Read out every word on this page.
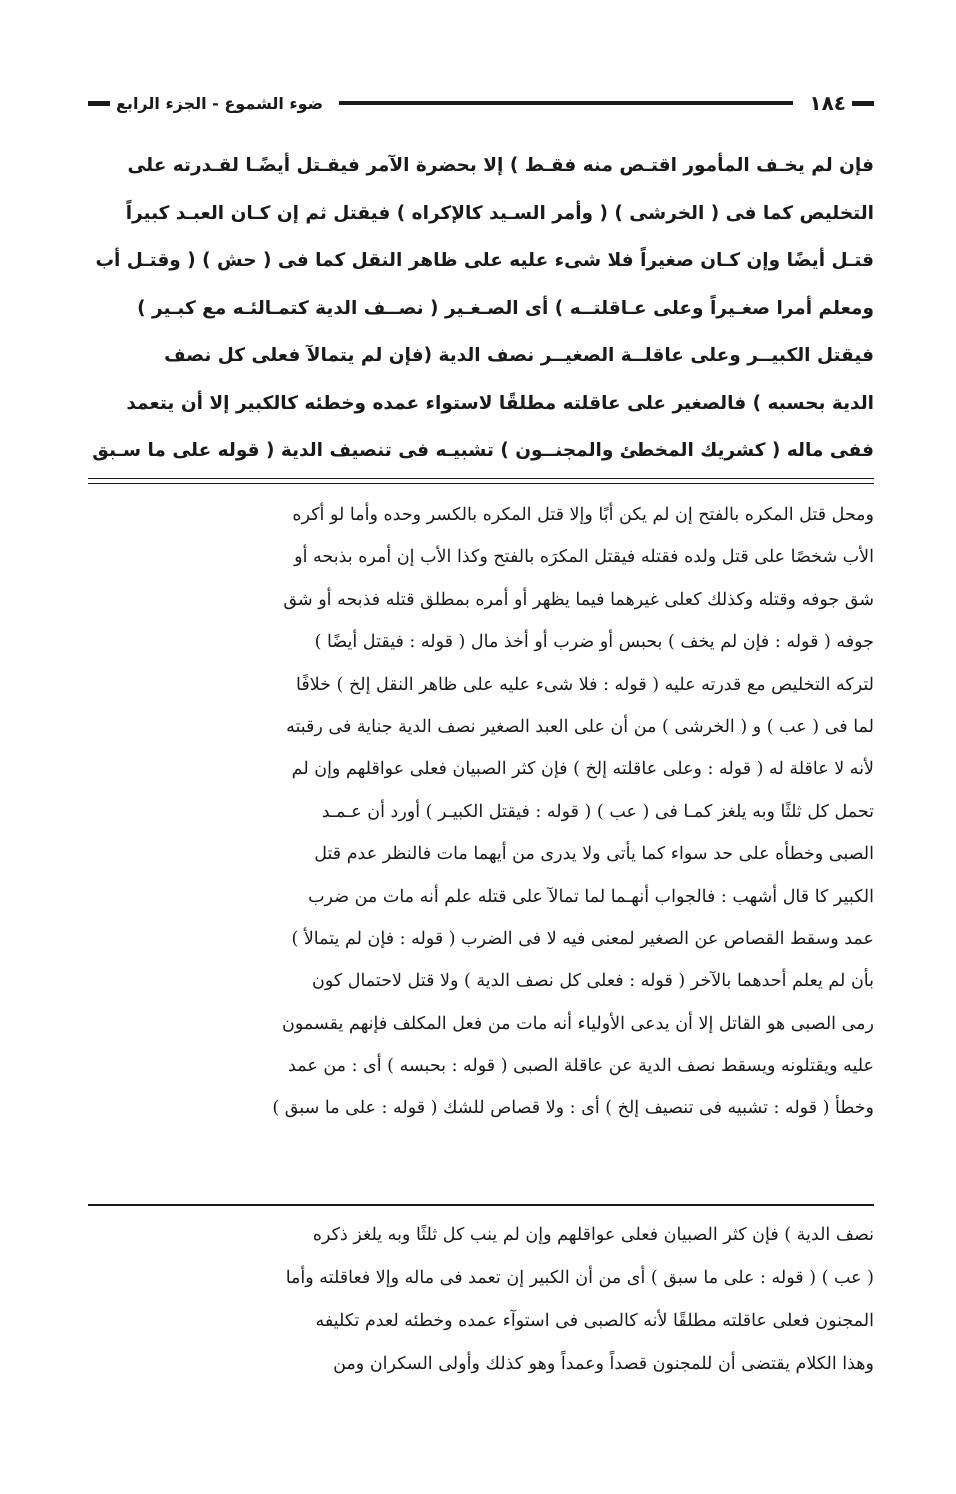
١٨٤
ضوء الشموع - الجزء الرابع
فإن لم يخـف المأمور اقتـص منه فقـط ) إلا بحضرة الآمر فيقـتل أيضًـا لقـدرته على
التخليص كما فى ( الخرشى ) ( وأمر السـيد كالإكراه ) فيقتل ثم إن كـان العبـد كبيراً
قتـل أيضًا وإن كـان صغيراً فلا شىء عليه على ظاهر النقل كما فى ( حش ) ( وقتـل أب
ومعلم أمرا صغـيراً وعلى عـاقلتــه ) أى الصـغـير ( نصــف الدية كتمـالئـه مع كبـير )
فيقتل الكبيــر وعلى عاقلــة الصغيــر نصف الدية (فإن لم يتمالآ فعلى كل نصف
الدية بحسبه ) فالصغير على عاقلته مطلقًا لاستواء عمده وخطئه كالكبير إلا أن يتعمد
ففى ماله ( كشريك المخطئ والمجنــون ) تشبيـه فى تنصيف الدية ( قوله على ما سـبق
ومحل قتل المكره بالفتح إن لم يكن أبًا وإلا قتل المكره بالكسر وحده وأما لو أكره
الأب شخصًا على قتل ولده فقتله فيقتل المكرَه بالفتح وكذا الأب إن أمره بذبحه أو
شق جوفه وقتله وكذلك كعلى غيرهما فيما يظهر أو أمره بمطلق قتله فذبحه أو شق
جوفه ( قوله : فإن لم يخف ) بحبس أو ضرب أو أخذ مال ( قوله : فيقتل أيضًا )
لتركه التخليص مع قدرته عليه ( قوله : فلا شىء عليه على ظاهر النقل إلخ ) خلافًا
لما فى ( عب ) و ( الخرشى ) من أن على العبد الصغير نصف الدية جناية فى رقبته
لأنه لا عاقلة له ( قوله : وعلى عاقلته إلخ ) فإن كثر الصبيان فعلى عواقلهم وإن لم
تحمل كل ثلثًا وبه يلغز كمـا فى ( عب ) ( قوله : فيقتل الكبيـر ) أورد أن عـمـد
الصبى وخطأه على حد سواء كما يأتى ولا يدرى من أيهما مات فالنظر عدم قتل
الكبير كا قال أشهب : فالجواب أنهـما لما تمالآ على قتله علم أنه مات من ضرب
عمد وسقط القصاص عن الصغير لمعنى فيه لا فى الضرب ( قوله : فإن لم يتمالأ )
بأن لم يعلم أحدهما بالآخر ( قوله : فعلى كل نصف الدية ) ولا قتل لاحتمال كون
رمى الصبى هو القاتل إلا أن يدعى الأولياء أنه مات من فعل المكلف فإنهم يقسمون
عليه ويقتلونه ويسقط نصف الدية عن عاقلة الصبى ( قوله : بحبسه ) أى : من عمد
وخطأ ( قوله : تشبيه فى تنصيف إلخ ) أى : ولا قصاص للشك ( قوله : على ما سبق )
نصف الدية ) فإن كثر الصبيان فعلى عواقلهم وإن لم ينب كل ثلثًا وبه يلغز ذكره
( عب ) ( قوله : على ما سبق ) أى من أن الكبير إن تعمد فى ماله وإلا فعاقلته وأما
المجنون فعلى عاقلته مطلقًا لأنه كالصبى فى استوآء عمده وخطئه لعدم تكليفه
وهذا الكلام يقتضى أن للمجنون قصداً وعمداً وهو كذلك وأولى السكران ومن
